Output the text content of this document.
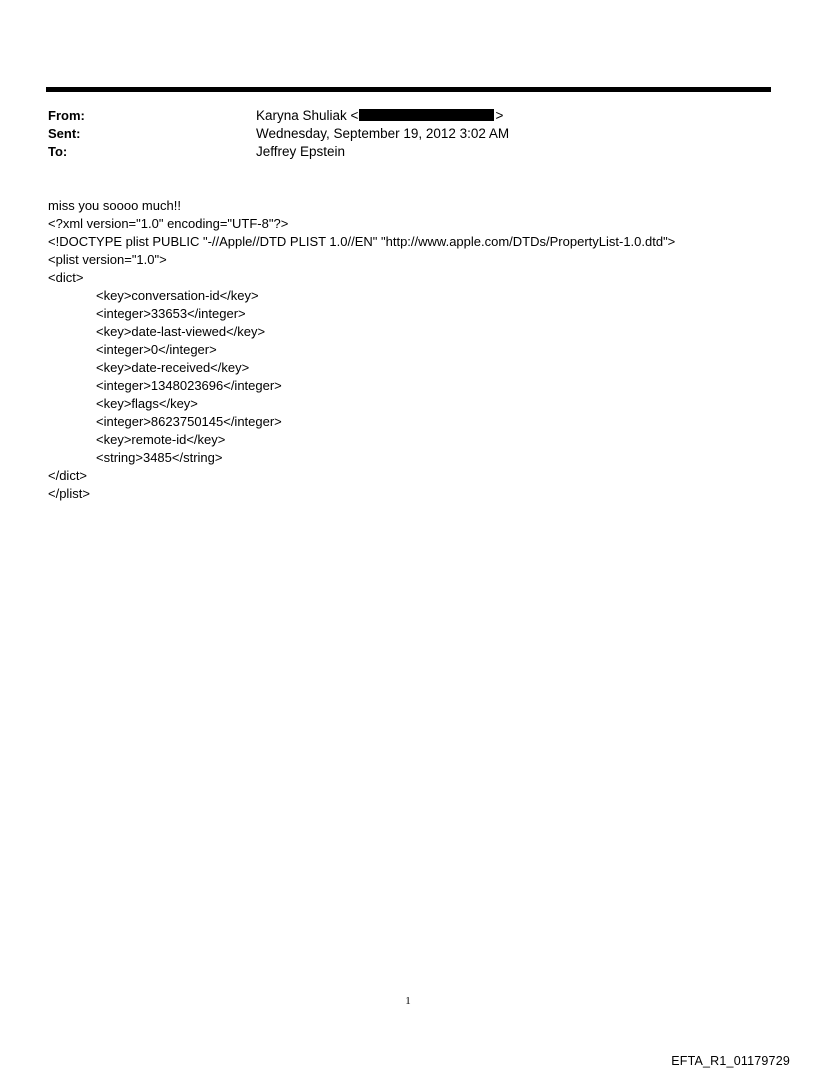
From:	Karyna Shuliak <	>
Sent:	Wednesday, September 19, 2012 3:02 AM
To:	Jeffrey Epstein
miss you soooo much!!
<?xml version="1.0" encoding="UTF-8"?>
<!DOCTYPE plist PUBLIC "-//Apple//DTD PLIST 1.0//EN" "http://www.apple.com/DTDs/PropertyList-1.0.dtd">
<plist version="1.0">
<dict>
<key>conversation-id</key>
<integer>33653</integer>
<key>date-last-viewed</key>
<integer>0</integer>
<key>date-received</key>
<integer>1348023696</integer>
<key>flags</key>
<integer>8623750145</integer>
<key>remote-id</key>
<string>3485</string>
</dict>
</plist>
1
EFTA_R1_01179729
